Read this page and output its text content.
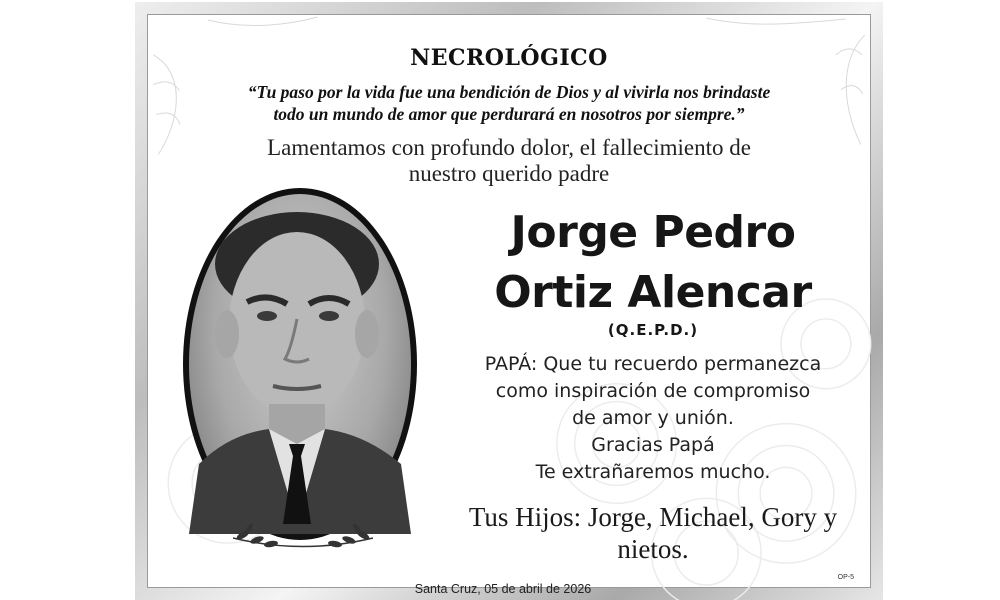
NECROLÓGICO
“Tu paso por la vida fue una bendición de Dios y al vivirla nos brindaste
todo un mundo de amor que perdurará en nosotros por siempre.”
Lamentamos con profundo dolor, el fallecimiento de
nuestro querido padre
Jorge Pedro
Ortiz Alencar
(Q.E.P.D.)
PAPÁ: Que tu recuerdo permanezca
como inspiración de compromiso
de amor y unión.
Gracias Papá
Te extrañaremos mucho.
Tus Hijos: Jorge, Michael, Gory y
nietos.
Santa Cruz, 05 de abril de 2026
OP-5
